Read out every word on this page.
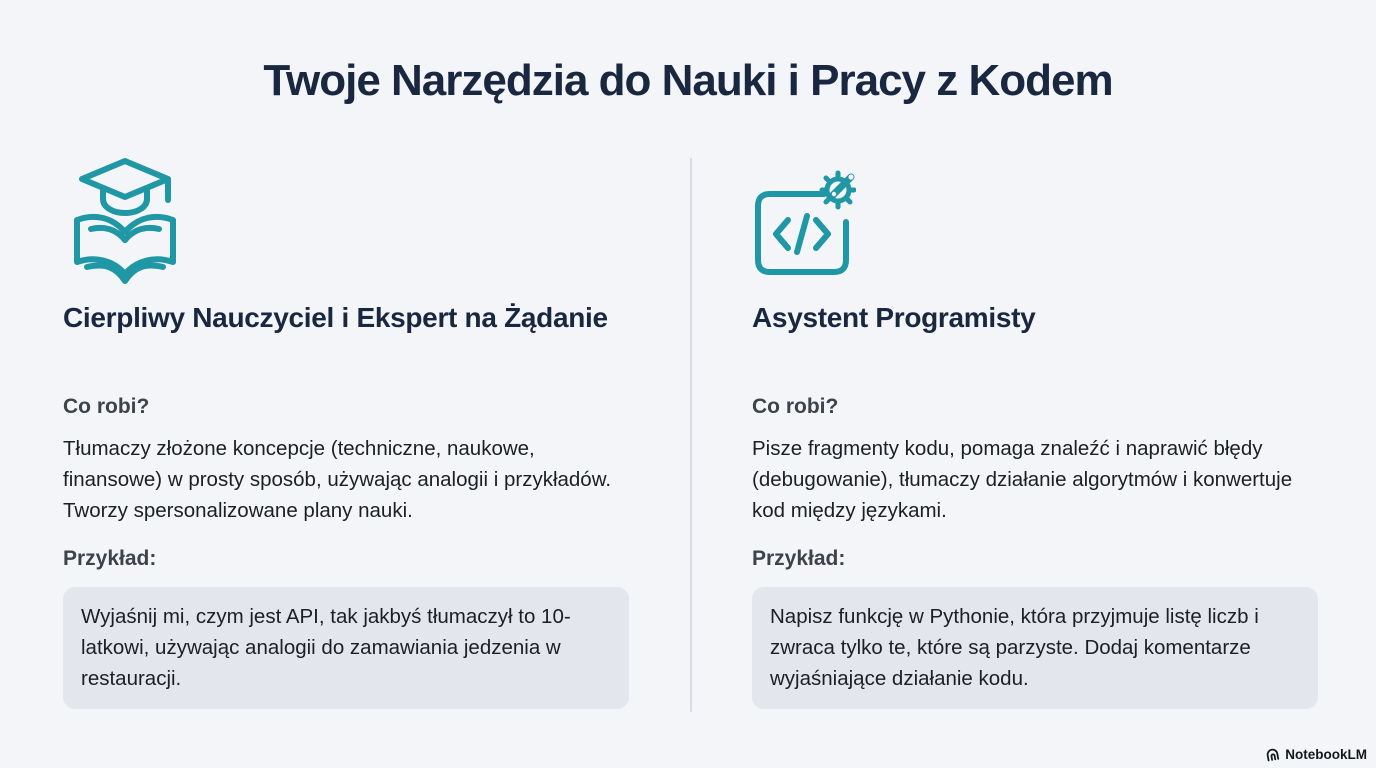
Twoje Narzędzia do Nauki i Pracy z Kodem
Cierpliwy Nauczyciel i Ekspert na Żądanie
Co robi?

Tłumaczy złożone koncepcje (techniczne, naukowe, finansowe) w prosty sposób, używając analogii i przykładów. Tworzy spersonalizowane plany nauki.

Przykład:

Wyjaśnij mi, czym jest API, tak jakbyś tłumaczył to 10-latkowi, używając analogii do zamawiania jedzenia w restauracji.

Asystent Programisty
Co robi?

Pisze fragmenty kodu, pomaga znaleźć i naprawić błędy (debugowanie), tłumaczy działanie algorytmów i konwertuje kod między językami.

Przykład:

Napisz funkcję w Pythonie, która przyjmuje listę liczb i zwraca tylko te, które są parzyste. Dodaj komentarze wyjaśniające działanie kodu.

NotebookLM
